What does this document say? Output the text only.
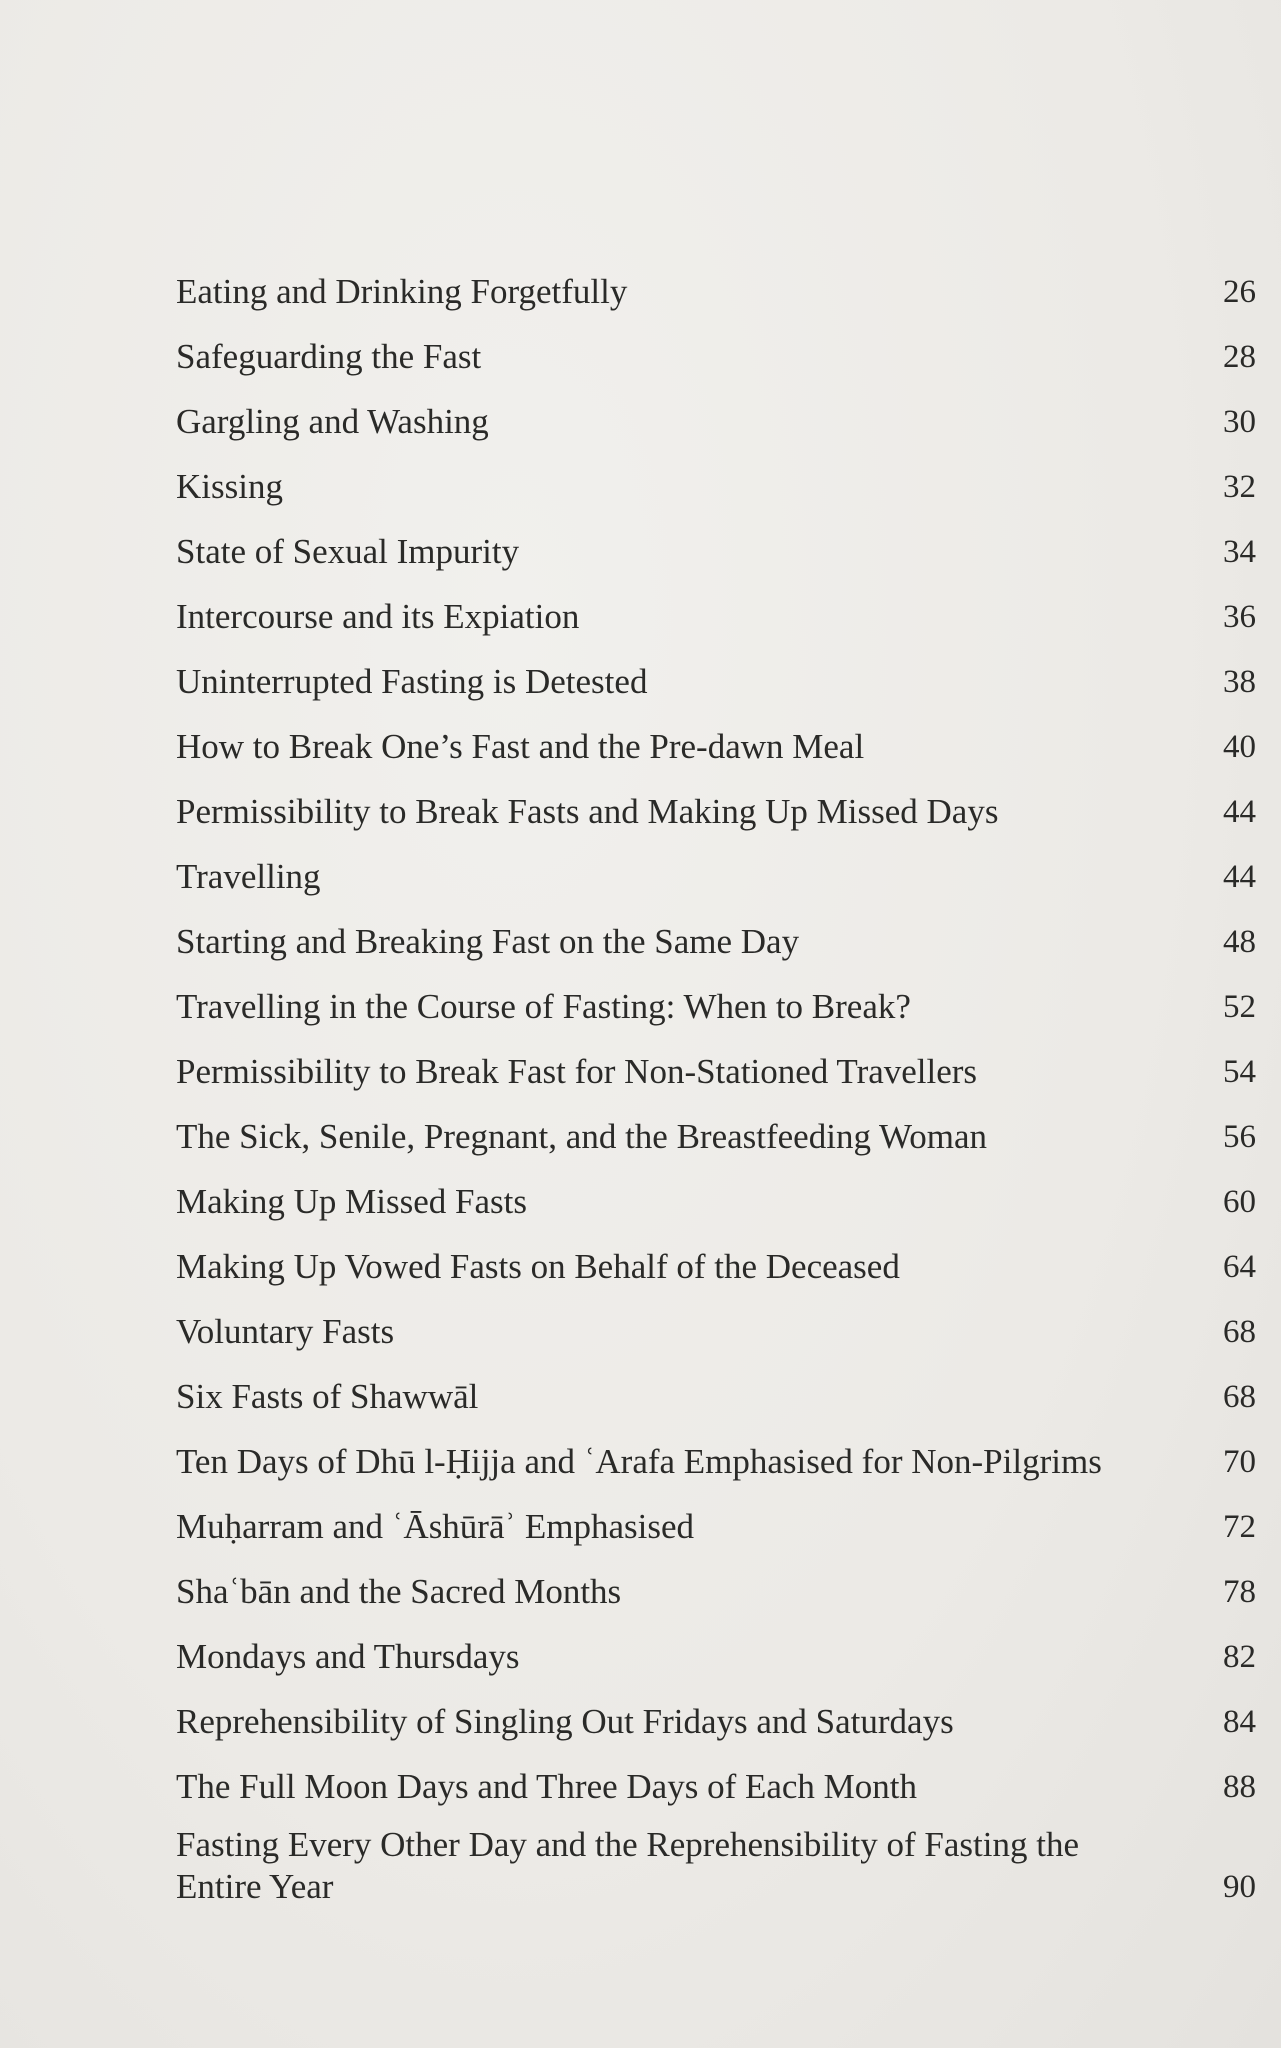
Eating and Drinking Forgetfully	26
Safeguarding the Fast	28
Gargling and Washing	30
Kissing	32
State of Sexual Impurity	34
Intercourse and its Expiation	36
Uninterrupted Fasting is Detested	38
How to Break One’s Fast and the Pre-dawn Meal	40
Permissibility to Break Fasts and Making Up Missed Days	44
Travelling	44
Starting and Breaking Fast on the Same Day	48
Travelling in the Course of Fasting: When to Break?	52
Permissibility to Break Fast for Non-Stationed Travellers	54
The Sick, Senile, Pregnant, and the Breastfeeding Woman	56
Making Up Missed Fasts	60
Making Up Vowed Fasts on Behalf of the Deceased	64
Voluntary Fasts	68
Six Fasts of Shawwāl	68
Ten Days of Dhū l-Ḥijja and ʿArafa Emphasised for Non-Pilgrims	70
Muḥarram and ʿĀshūrāʾ Emphasised	72
Shaʿbān and the Sacred Months	78
Mondays and Thursdays	82
Reprehensibility of Singling Out Fridays and Saturdays	84
The Full Moon Days and Three Days of Each Month	88
Fasting Every Other Day and the Reprehensibility of Fasting the Entire Year	90
